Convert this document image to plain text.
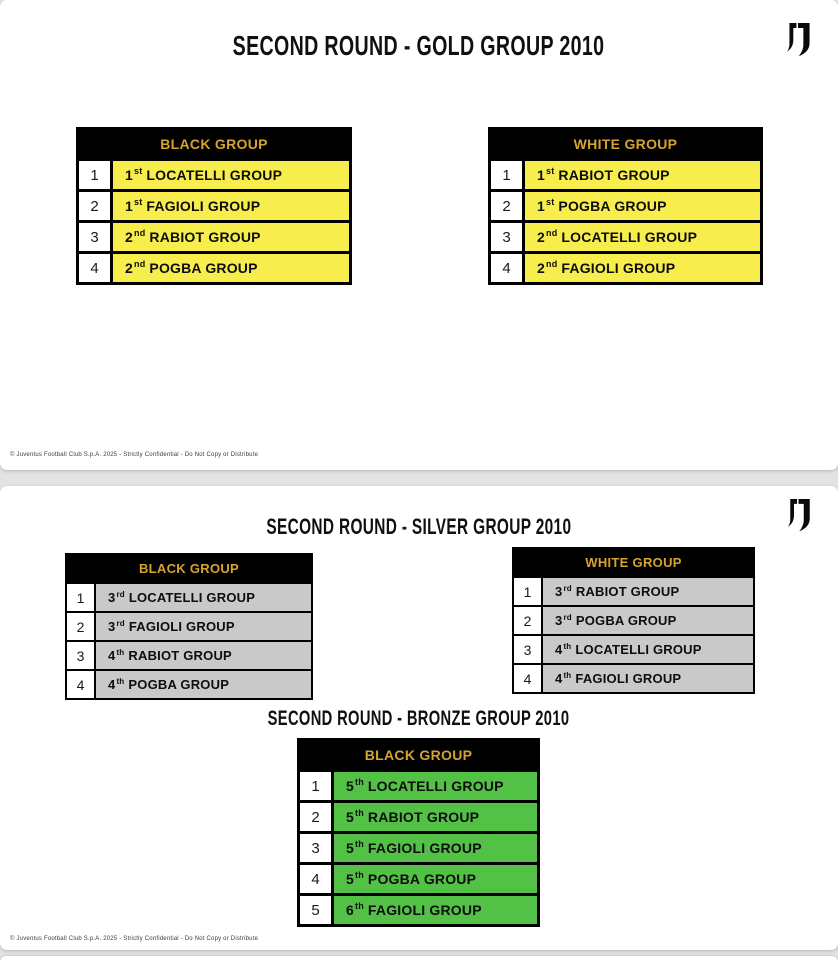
SECOND ROUND - GOLD GROUP 2010
BLACK GROUP
1	1st LOCATELLI GROUP
2	1st FAGIOLI GROUP
3	2nd RABIOT GROUP
4	2nd POGBA GROUP
WHITE GROUP
1	1st RABIOT GROUP
2	1st POGBA GROUP
3	2nd LOCATELLI GROUP
4	2nd FAGIOLI GROUP
© Juventus Football Club S.p.A. 2025 - Strictly Confidential - Do Not Copy or Distribute
SECOND ROUND - SILVER GROUP 2010
BLACK GROUP
1	3rd LOCATELLI GROUP
2	3rd FAGIOLI GROUP
3	4th RABIOT GROUP
4	4th POGBA GROUP
WHITE GROUP
1	3rd RABIOT GROUP
2	3rd POGBA GROUP
3	4th LOCATELLI GROUP
4	4th FAGIOLI GROUP
SECOND ROUND - BRONZE GROUP 2010
BLACK GROUP
1	5th LOCATELLI GROUP
2	5th RABIOT GROUP
3	5th FAGIOLI GROUP
4	5th POGBA GROUP
5	6th FAGIOLI GROUP
© Juventus Football Club S.p.A. 2025 - Strictly Confidential - Do Not Copy or Distribute
